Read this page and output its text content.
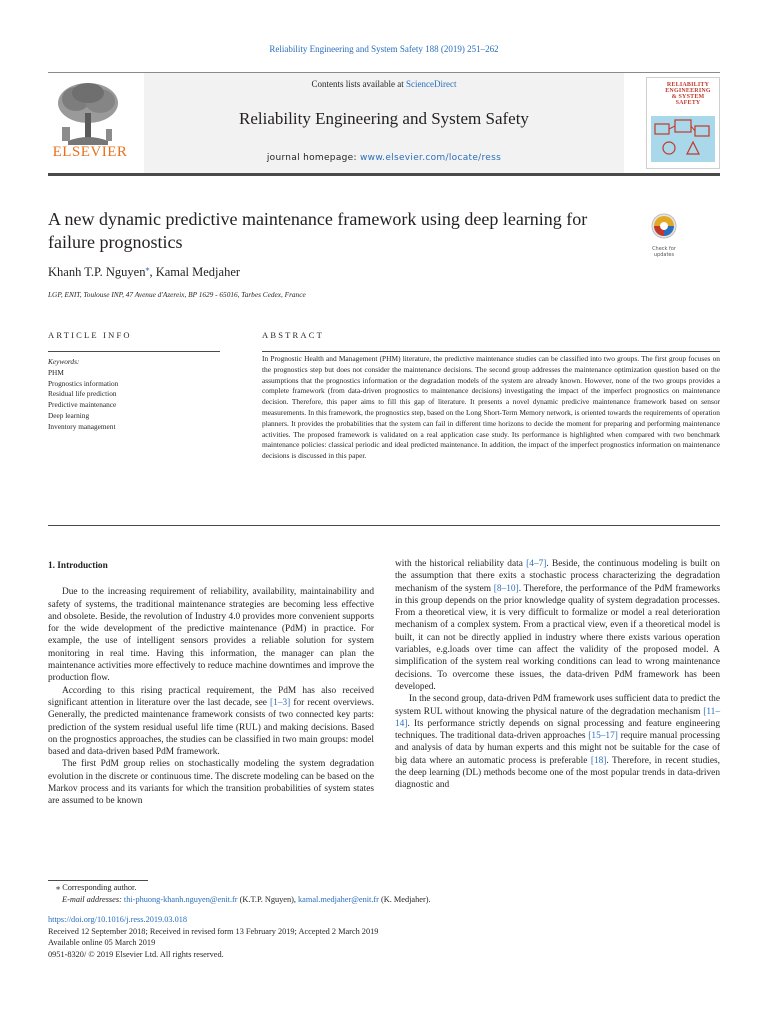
Reliability Engineering and System Safety 188 (2019) 251–262
ELSEVIER
Contents lists available at ScienceDirect
Reliability Engineering and System Safety
journal homepage: www.elsevier.com/locate/ress
RELIABILITY
ENGINEERING
& SYSTEM
SAFETY
A new dynamic predictive maintenance framework using deep learning for failure prognostics	Check for
updates
Khanh T.P. Nguyen⁎, Kamal Medjaher
LGP, ENIT, Toulouse INP, 47 Avenue d'Azereix, BP 1629 - 65016, Tarbes Cedex, France
ARTICLE INFO	ABSTRACT
Keywords:
PHM
Prognostics information
Residual life prediction
Predictive maintenance
Deep learning
Inventory management

In Prognostic Health and Management (PHM) literature, the predictive maintenance studies can be classified into two groups. The first group focuses on the prognostics step but does not consider the maintenance decisions. The second group addresses the maintenance optimization question based on the assumptions that the prognostics information or the degradation models of the system are already known. However, none of the two groups provides a complete framework (from data-driven prognostics to maintenance decisions) investigating the impact of the imperfect prognostics on maintenance decision. Therefore, this paper aims to fill this gap of literature. It presents a novel dynamic predicive maintenance framework based on sensor measurements. In this framework, the prognostics step, based on the Long Short-Term Memory network, is oriented towards the requirements of operation planners. It provides the probabilities that the system can fail in different time horizons to decide the moment for preparing and performing maintenance activities. The proposed framework is validated on a real application case study. Its performance is highlighted when compared with two benchmark maintenance policies: classical periodic and ideal predicted maintenance. In addition, the impact of the imperfect prognostics information on maintenance decisions is discussed in this paper.

1. Introduction

Due to the increasing requirement of reliability, availability, maintainability and safety of systems, the traditional maintenance strategies are becoming less effective and obsolete. Beside, the revolution of Industry 4.0 provides more convenient supports for the wide development of the predictive maintenance (PdM) in practice. For example, the use of intelligent sensors provides a reliable solution for system monitoring in real time. Having this information, the manager can plan the maintenance activities more effectively to reduce machine downtimes and improve the production flow.

According to this rising practical requirement, the PdM has also received significant attention in literature over the last decade, see [1–3] for recent overviews. Generally, the predicted maintenance framework consists of two connected key parts: prediction of the system residual useful life time (RUL) and making decisions. Based on the prognostics approaches, the studies can be classified in two main groups: model based and data-driven based PdM framework.

The first PdM group relies on stochastically modeling the system degradation evolution in the discrete or continuous time. The discrete modeling can be based on the Markov process and its variants for which the transition probabilities of system states are assumed to be known

with the historical reliability data [4–7]. Beside, the continuous modeling is built on the assumption that there exits a stochastic process characterizing the degradation mechanism of the system [8–10]. Therefore, the performance of the PdM frameworks in this group depends on the prior knowledge quality of system degradation processes. From a theoretical view, it is very difficult to formalize or model a real deterioration mechanism of a complex system. From a practical view, even if a theoretical model is built, it can not be directly applied in industry where there exists various operation variables, e.g.loads over time can affect the validity of the proposed model. A simplification of the system real working conditions can lead to wrong maintenance decisions. To overcome these issues, the data-driven PdM framework has been developed.

In the second group, data-driven PdM framework uses sufficient data to predict the system RUL without knowing the physical nature of the degradation mechanism [11–14]. Its performance strictly depends on signal processing and feature engineering techniques. The traditional data-driven approaches [15–17] require manual processing and analysis of data by human experts and this might not be suitable for the case of big data where an automatic process is preferable [18]. Therefore, in recent studies, the deep learning (DL) methods become one of the most popular trends in data-driven diagnostic and

⁎ Corresponding author.
E-mail addresses: thi-phuong-khanh.nguyen@enit.fr (K.T.P. Nguyen), kamal.medjaher@enit.fr (K. Medjaher).
https://doi.org/10.1016/j.ress.2019.03.018
Received 12 September 2018; Received in revised form 13 February 2019; Accepted 2 March 2019
Available online 05 March 2019
0951-8320/ © 2019 Elsevier Ltd. All rights reserved.
